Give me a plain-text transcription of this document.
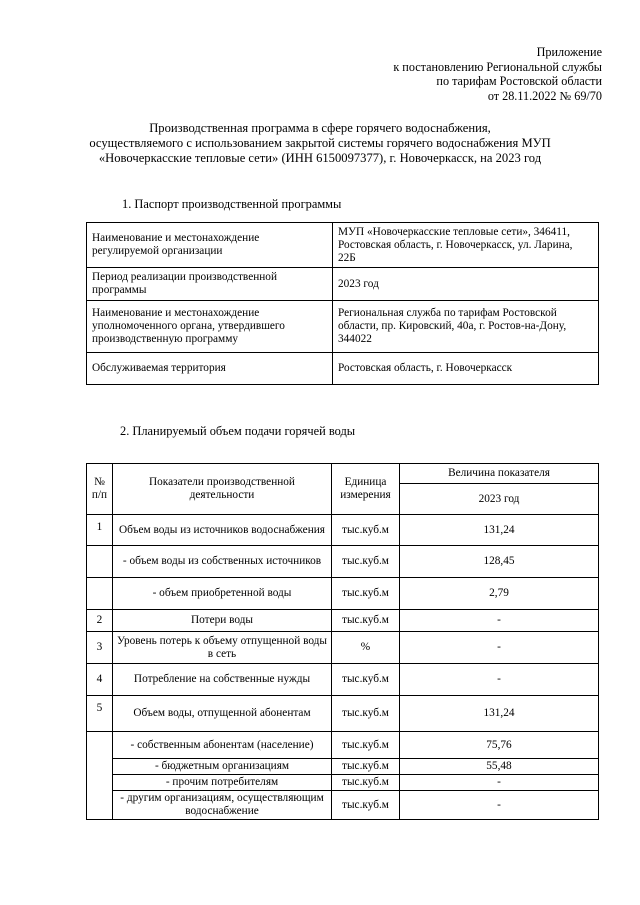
Приложение
к постановлению Региональной службы
по тарифам Ростовской области
от 28.11.2022 № 69/70
Производственная программа в сфере горячего водоснабжения,
осуществляемого с использованием закрытой системы горячего водоснабжения МУП
«Новочеркасские тепловые сети» (ИНН 6150097377), г. Новочеркасск, на 2023 год
1. Паспорт производственной программы
Наименование и местонахождение регулируемой организации	МУП «Новочеркасские тепловые сети», 346411, Ростовская область, г. Новочеркасск, ул. Ларина, 22Б
Период реализации производственной программы	2023 год
Наименование и местонахождение уполномоченного органа, утвердившего производственную программу	Региональная служба по тарифам Ростовской области, пр. Кировский, 40а, г. Ростов-на-Дону, 344022
Обслуживаемая территория	Ростовская область, г. Новочеркасск
2. Планируемый объем подачи горячей воды
№ п/п	Показатели производственной деятельности	Единица измерения	Величина показателя
			2023 год
1	Объем воды из источников водоснабжения	тыс.куб.м	131,24
	- объем воды из собственных источников	тыс.куб.м	128,45
	- объем приобретенной воды	тыс.куб.м	2,79
2	Потери воды	тыс.куб.м	-
3	Уровень потерь к объему отпущенной воды в сеть	%	-
4	Потребление на собственные нужды	тыс.куб.м	-
5	Объем воды, отпущенной абонентам	тыс.куб.м	131,24
	- собственным абонентам (население)	тыс.куб.м	75,76
	- бюджетным организациям	тыс.куб.м	55,48
	- прочим потребителям	тыс.куб.м	-
	- другим организациям, осуществляющим водоснабжение	тыс.куб.м	-
